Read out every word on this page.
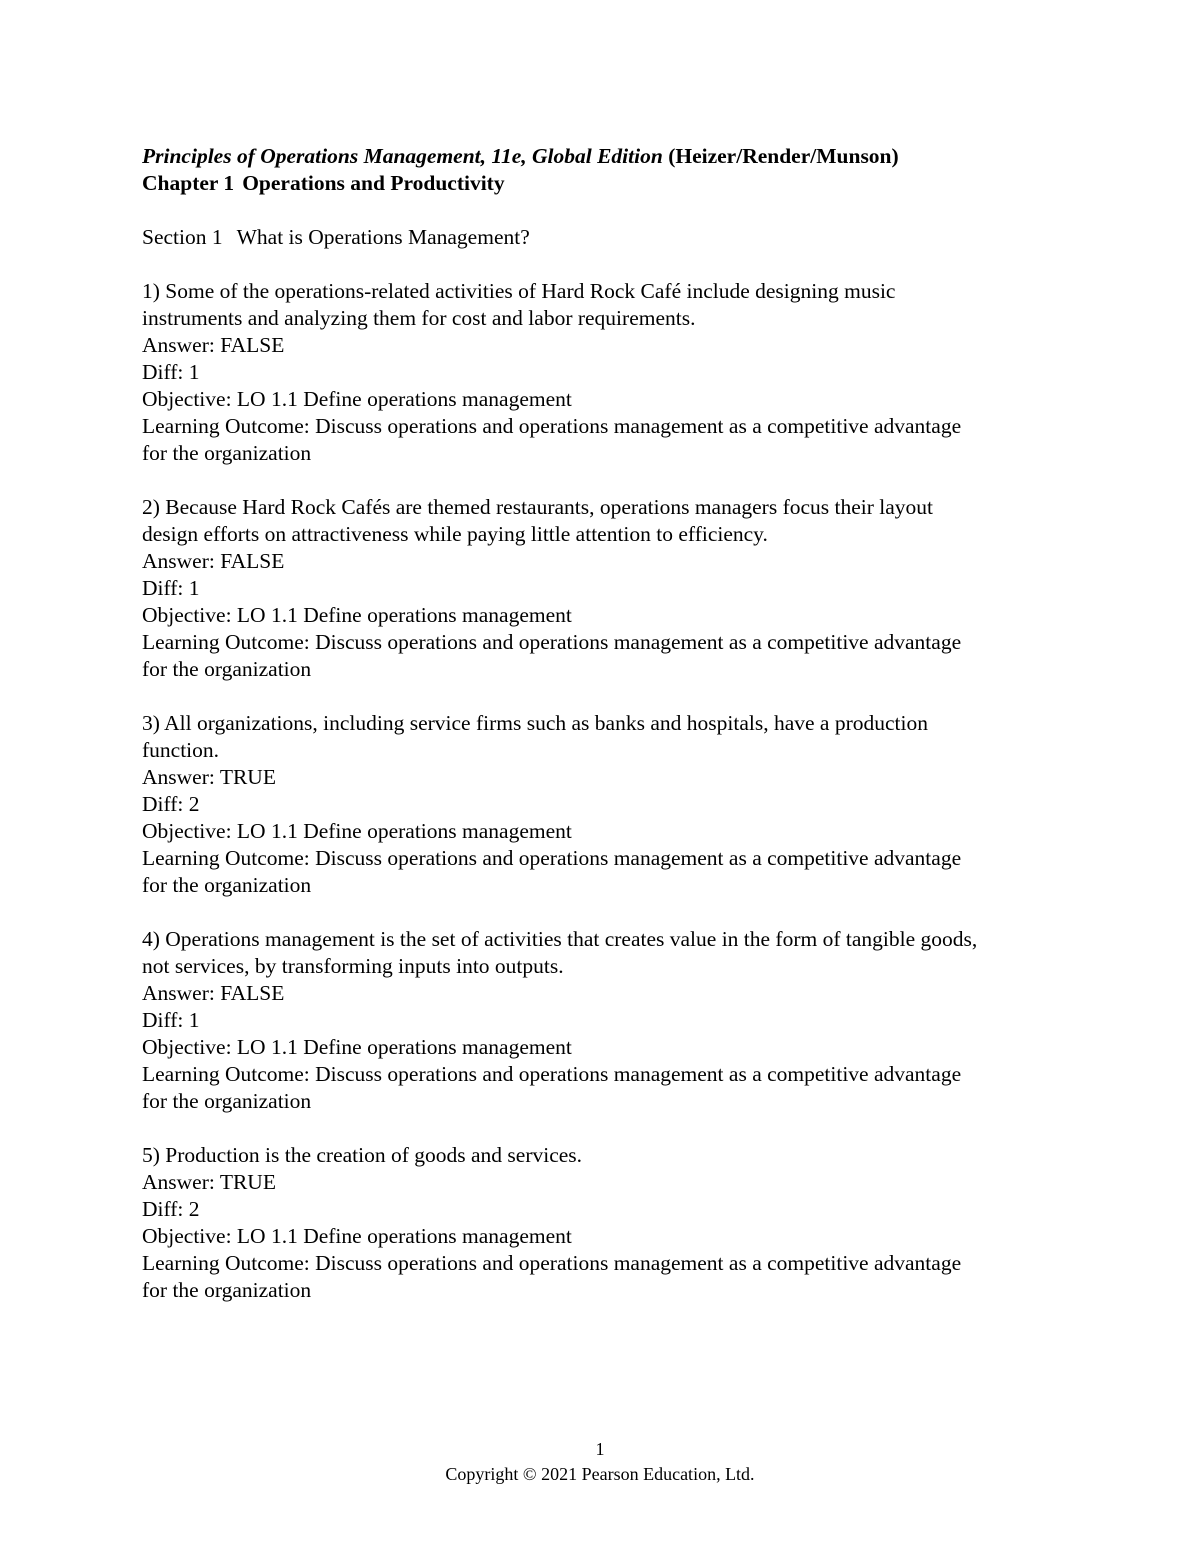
Principles of Operations Management, 11e, Global Edition (Heizer/Render/Munson)
Chapter 1 Operations and Productivity
Section 1 What is Operations Management?
1) Some of the operations-related activities of Hard Rock Café include designing music
instruments and analyzing them for cost and labor requirements.
Answer: FALSE
Diff: 1
Objective: LO 1.1 Define operations management
Learning Outcome: Discuss operations and operations management as a competitive advantage
for the organization
2) Because Hard Rock Cafés are themed restaurants, operations managers focus their layout
design efforts on attractiveness while paying little attention to efficiency.
Answer: FALSE
Diff: 1
Objective: LO 1.1 Define operations management
Learning Outcome: Discuss operations and operations management as a competitive advantage
for the organization
3) All organizations, including service firms such as banks and hospitals, have a production
function.
Answer: TRUE
Diff: 2
Objective: LO 1.1 Define operations management
Learning Outcome: Discuss operations and operations management as a competitive advantage
for the organization
4) Operations management is the set of activities that creates value in the form of tangible goods,
not services, by transforming inputs into outputs.
Answer: FALSE
Diff: 1
Objective: LO 1.1 Define operations management
Learning Outcome: Discuss operations and operations management as a competitive advantage
for the organization
5) Production is the creation of goods and services.
Answer: TRUE
Diff: 2
Objective: LO 1.1 Define operations management
Learning Outcome: Discuss operations and operations management as a competitive advantage
for the organization
1
Copyright © 2021 Pearson Education, Ltd.
